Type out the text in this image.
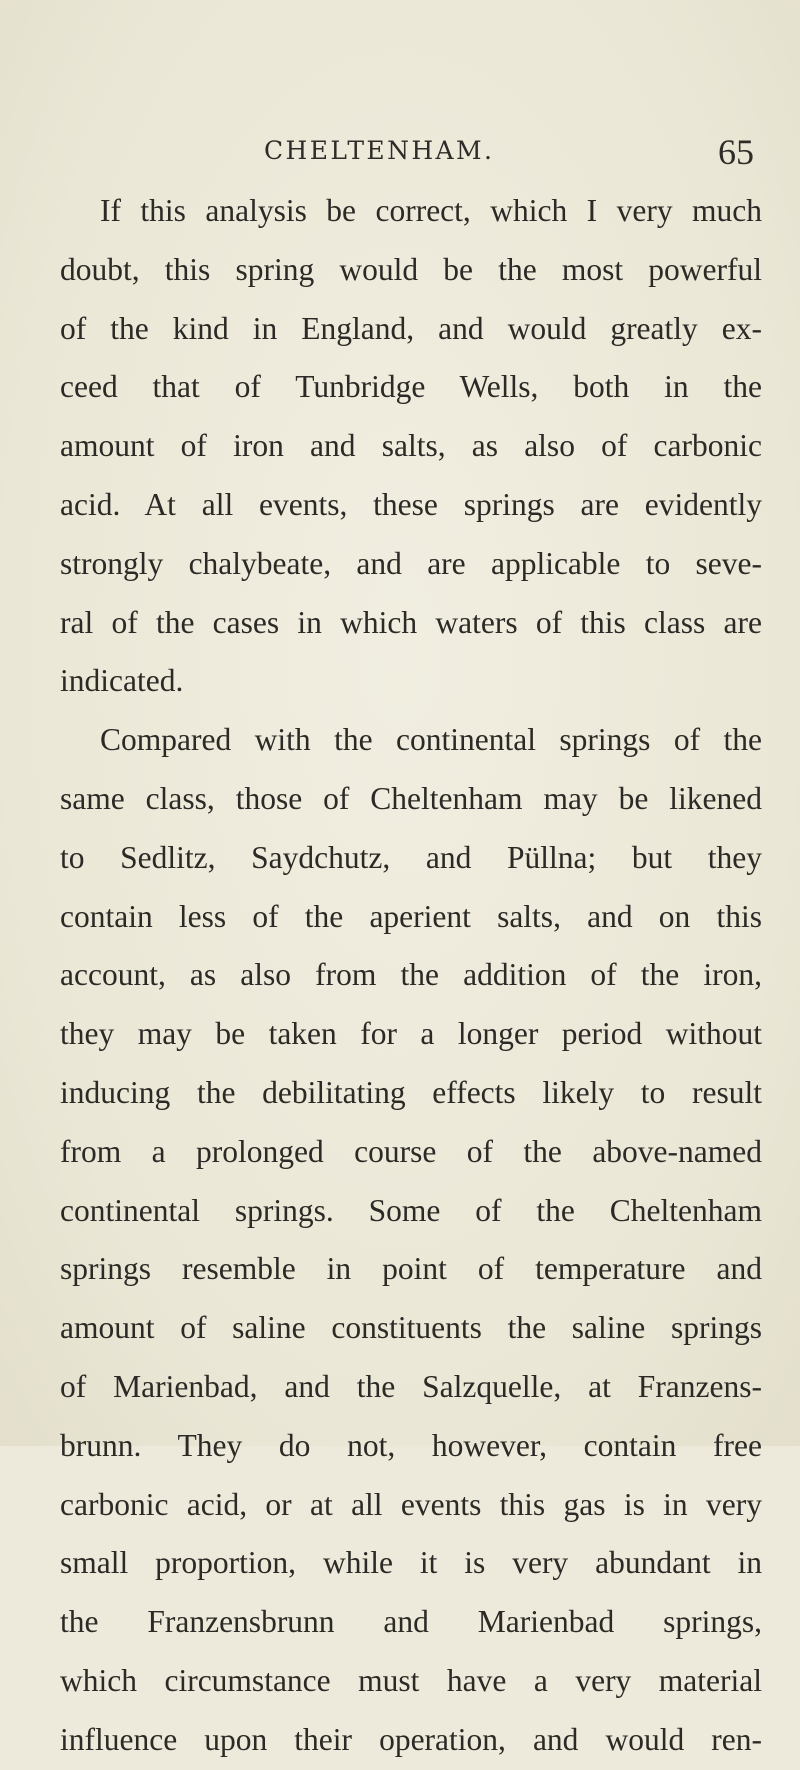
CHELTENHAM.	65
If this analysis be correct, which I very much
doubt, this spring would be the most powerful
of the kind in England, and would greatly ex-
ceed that of Tunbridge Wells, both in the
amount of iron and salts, as also of carbonic
acid. At all events, these springs are evidently
strongly chalybeate, and are applicable to seve-
ral of the cases in which waters of this class are
indicated.
Compared with the continental springs of the
same class, those of Cheltenham may be likened
to Sedlitz, Saydchutz, and Püllna; but they
contain less of the aperient salts, and on this
account, as also from the addition of the iron,
they may be taken for a longer period without
inducing the debilitating effects likely to result
from a prolonged course of the above-named
continental springs. Some of the Cheltenham
springs resemble in point of temperature and
amount of saline constituents the saline springs
of Marienbad, and the Salzquelle, at Franzens-
brunn. They do not, however, contain free
carbonic acid, or at all events this gas is in very
small proportion, while it is very abundant in
the Franzensbrunn and Marienbad springs,
which circumstance must have a very material
influence upon their operation, and would ren-
